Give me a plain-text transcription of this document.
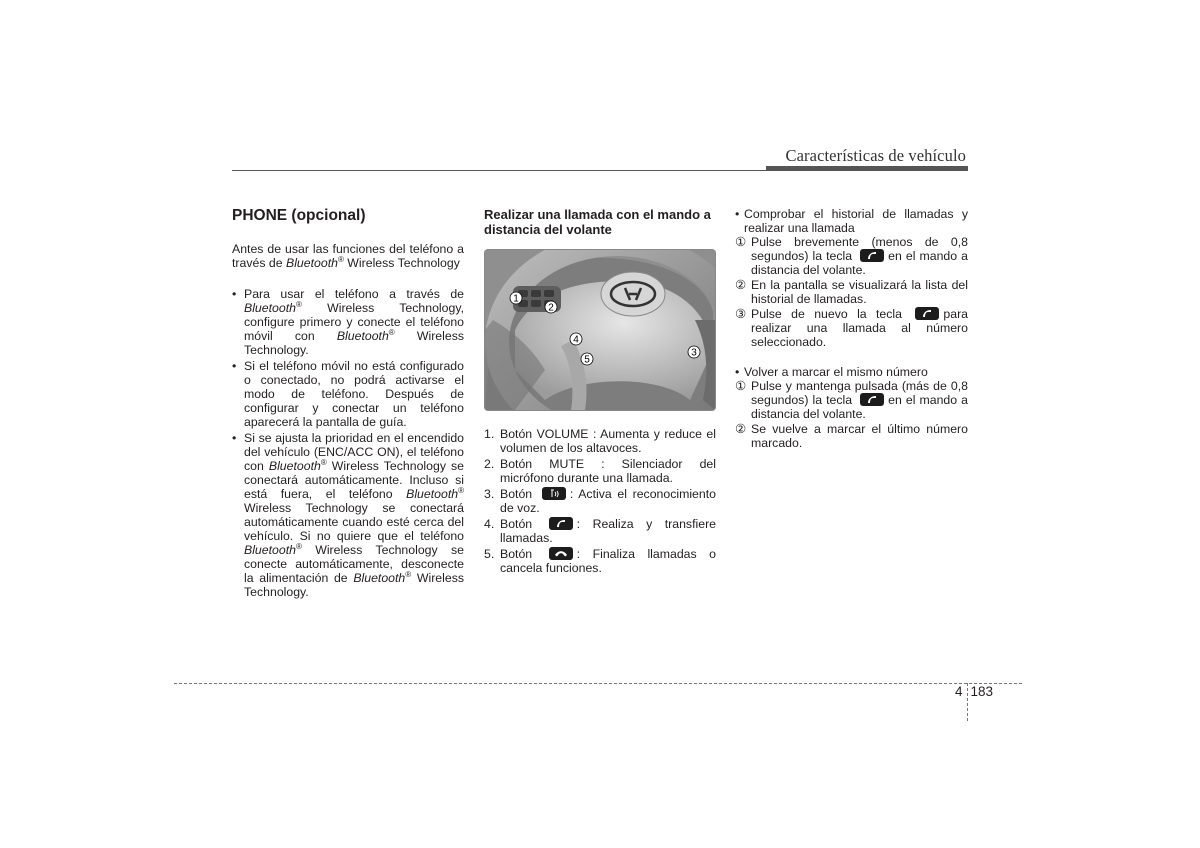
Características de vehículo
PHONE (opcional)

Antes de usar las funciones del teléfono a través de Bluetooth® Wireless Technology

• Para usar el teléfono a través de Bluetooth® Wireless Technology, configure primero y conecte el teléfono móvil con Bluetooth® Wireless Technology.
• Si el teléfono móvil no está configurado o conectado, no podrá activarse el modo de teléfono. Después de configurar y conectar un teléfono aparecerá la pantalla de guía.
• Si se ajusta la prioridad en el encendido del vehículo (ENC/ACC ON), el teléfono con Bluetooth® Wireless Technology se conectará automáticamente. Incluso si está fuera, el teléfono Bluetooth® Wireless Technology se conectará automáticamente cuando esté cerca del vehículo. Si no quiere que el teléfono Bluetooth® Wireless Technology se conecte automáticamente, desconecte la alimentación de Bluetooth® Wireless Technology.
Realizar una llamada con el mando a distancia del volante
1
2
3
4
5
1. Botón VOLUME : Aumenta y reduce el volumen de los altavoces.
2. Botón MUTE : Silenciador del micrófono durante una llamada.
3. Botón	: Activa el reconocimiento de voz.
4. Botón	: Realiza y transfiere llamadas.
5. Botón	: Finaliza llamadas o cancela funciones.
• Comprobar el historial de llamadas y realizar una llamada
① Pulse brevemente (menos de 0,8 segundos) la tecla	en el mando a distancia del volante.
② En la pantalla se visualizará la lista del historial de llamadas.
③ Pulse de nuevo la tecla	para realizar una llamada al número seleccionado.
• Volver a marcar el mismo número
① Pulse y mantenga pulsada (más de 0,8 segundos) la tecla	en el mando a distancia del volante.
② Se vuelve a marcar el último número marcado.
4 183
